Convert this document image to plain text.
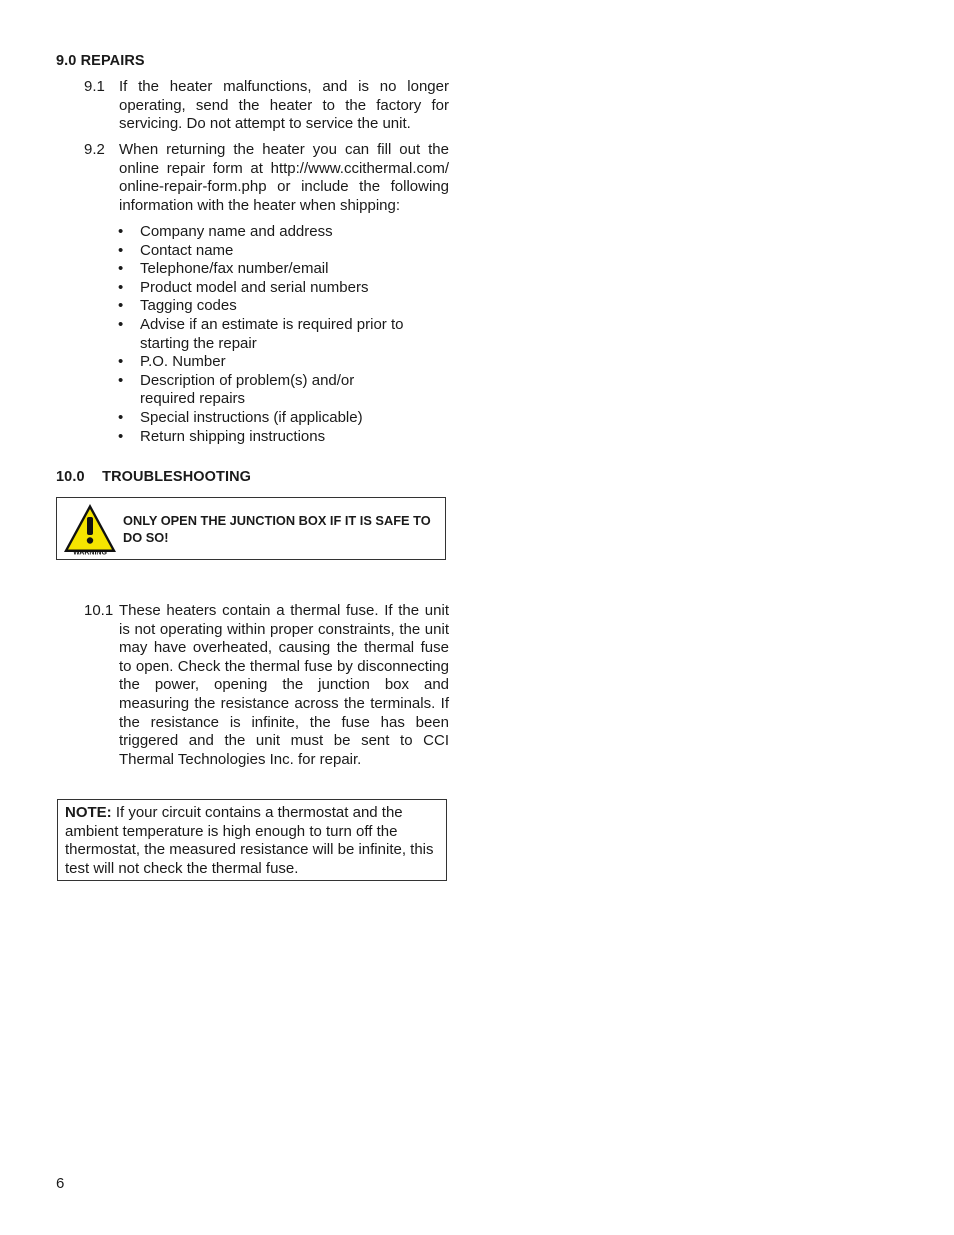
9.0 REPAIRS
9.1 If the heater malfunctions, and is no longer operating, send the heater to the factory for servicing. Do not attempt to service the unit.
9.2 When returning the heater you can fill out the online repair form at http://www.ccithermal.com/ online-repair-form.php or include the following information with the heater when shipping:
• Company name and address
• Contact name
• Telephone/fax number/email
• Product model and serial numbers
• Tagging codes
• Advise if an estimate is required prior to starting the repair
• P.O. Number
• Description of problem(s) and/or required repairs
• Special instructions (if applicable)
• Return shipping instructions
10.0 TROUBLESHOOTING
WARNING
ONLY OPEN THE JUNCTION BOX IF IT IS SAFE TO DO SO!
10.1 These heaters contain a thermal fuse. If the unit is not operating within proper constraints, the unit may have overheated, causing the thermal fuse to open. Check the thermal fuse by disconnecting the power, opening the junction box and measuring the resistance across the terminals. If the resistance is infinite, the fuse has been triggered and the unit must be sent to CCI Thermal Technologies Inc. for repair.
NOTE: If your circuit contains a thermostat and the ambient temperature is high enough to turn off the thermostat, the measured resistance will be infinite, this test will not check the thermal fuse.
6
